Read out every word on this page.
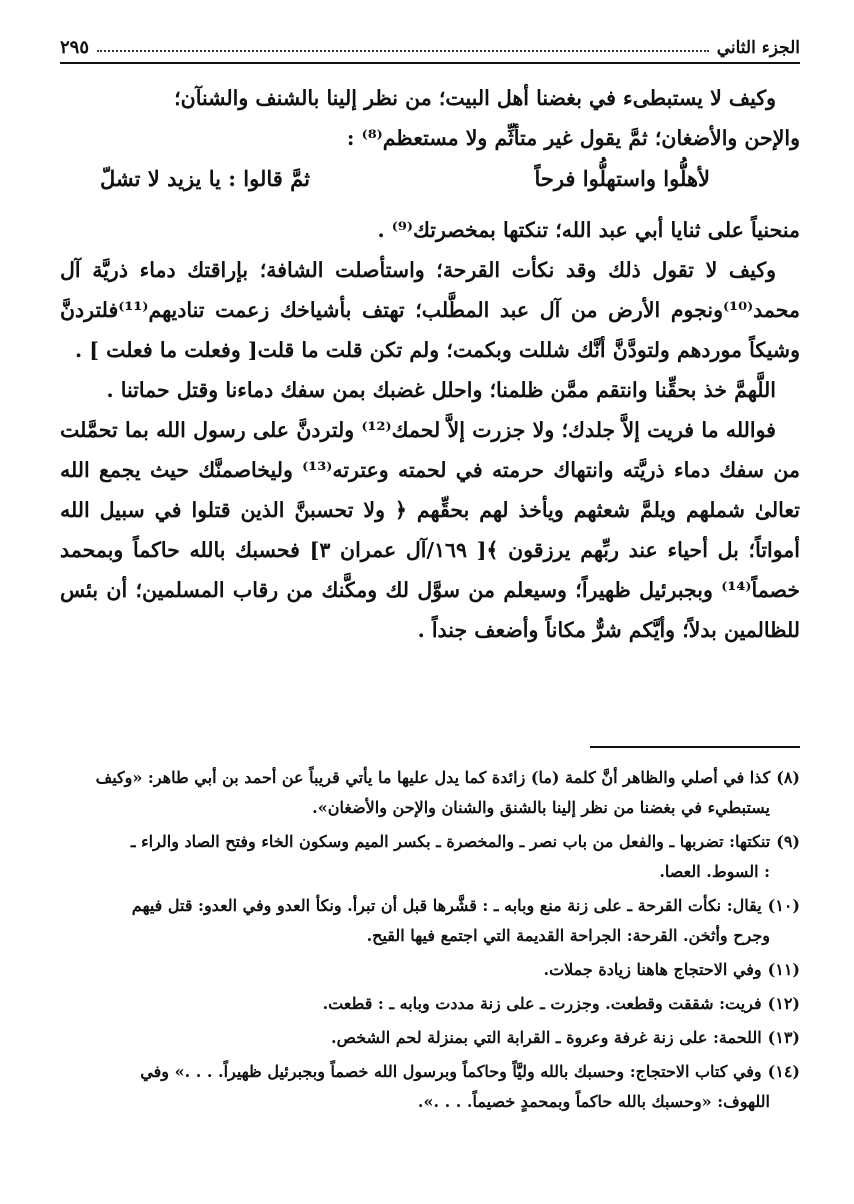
الجزء الثاني
٢٩٥

وكيف لا يستبطىء في بغضنا أهل البيت؛ من نظر إلينا بالشنف والشنآن؛

والإحن والأضغان؛ ثمَّ يقول غير متأثِّم ولا مستعظم⁽⁸⁾ :

لأهلُّوا واستهلُّوا فرحاً
ثمَّ قالوا : يا يزيد لا تشلّ

منحنياً على ثنايا أبي عبد الله؛ تنكتها بمخصرتك⁽⁹⁾ .

وكيف لا تقول ذلك وقد نكأت القرحة؛ واستأصلت الشافة؛ بإراقتك دماء ذريَّة آل محمد⁽¹⁰⁾ونجوم الأرض من آل عبد المطَّلب؛ تهتف بأشياخك زعمت تناديهم⁽¹¹⁾فلتردنَّ وشيكاً موردهم ولتودَّنَّ أنَّك شللت وبكمت؛ ولم تكن قلت ما قلت[ وفعلت ما فعلت ] .

اللَّهمَّ خذ بحقِّنا وانتقم ممَّن ظلمنا؛ واحلل غضبك بمن سفك دماءنا وقتل حماتنا .

فوالله ما فريت إلاَّ جلدك؛ ولا جزرت إلاَّ لحمك⁽¹²⁾ ولتردنَّ على رسول الله بما تحمَّلت من سفك دماء ذريَّته وانتهاك حرمته في لحمته وعترته⁽¹³⁾ وليخاصمنَّك حيث يجمع الله تعالىٰ شملهم ويلمَّ شعثهم ويأخذ لهم بحقِّهم ﴿ ولا تحسبنَّ الذين قتلوا في سبيل الله أمواتاً؛ بل أحياء عند ربِّهم يرزقون ﴾[ ١٦٩/آل عمران ٣] فحسبك بالله حاكماً وبمحمد خصماً⁽¹⁴⁾ وبجبرئيل ظهيراً؛ وسيعلم من سوَّل لك ومكَّنك من رقاب المسلمين؛ أن بئس للظالمين بدلاً؛ وأيَّكم شرٌّ مكاناً وأضعف جنداً .

(٨)كذا في أصلي والظاهر أنَّ كلمة (ما) زائدة كما يدل عليها ما يأتي قريباً عن أحمد بن أبي طاهر: «وكيف
يستبطيء في بغضنا من نظر إلينا بالشنق والشنان والإحن والأضغان».
(٩)تنكتها: تضربها ـ والفعل من باب نصر ـ والمخصرة ـ بكسر الميم وسكون الخاء وفتح الصاد والراء ـ
: السوط. العصا.
(١٠)يقال: نكأت القرحة ـ على زنة منع وبابه ـ : قشَّرها قبل أن تبرأ. ونكأ العدو وفي العدو: قتل فيهم
وجرح وأثخن. القرحة: الجراحة القديمة التي اجتمع فيها القيح.
(١١)وفي الاحتجاج هاهنا زيادة جملات.
(١٢)فريت: شققت وقطعت. وجزرت ـ على زنة مددت وبابه ـ : قطعت.
(١٣)اللحمة: على زنة غرفة وعروة ـ القرابة التي بمنزلة لحم الشخص.
(١٤)وفي كتاب الاحتجاج: وحسبك بالله وليَّاً وحاكماً وبرسول الله خصماً وبجبرئيل ظهيراً. . . .» وفي
اللهوف: «وحسبك بالله حاكماً وبمحمدٍ خصيماً. . . .».
